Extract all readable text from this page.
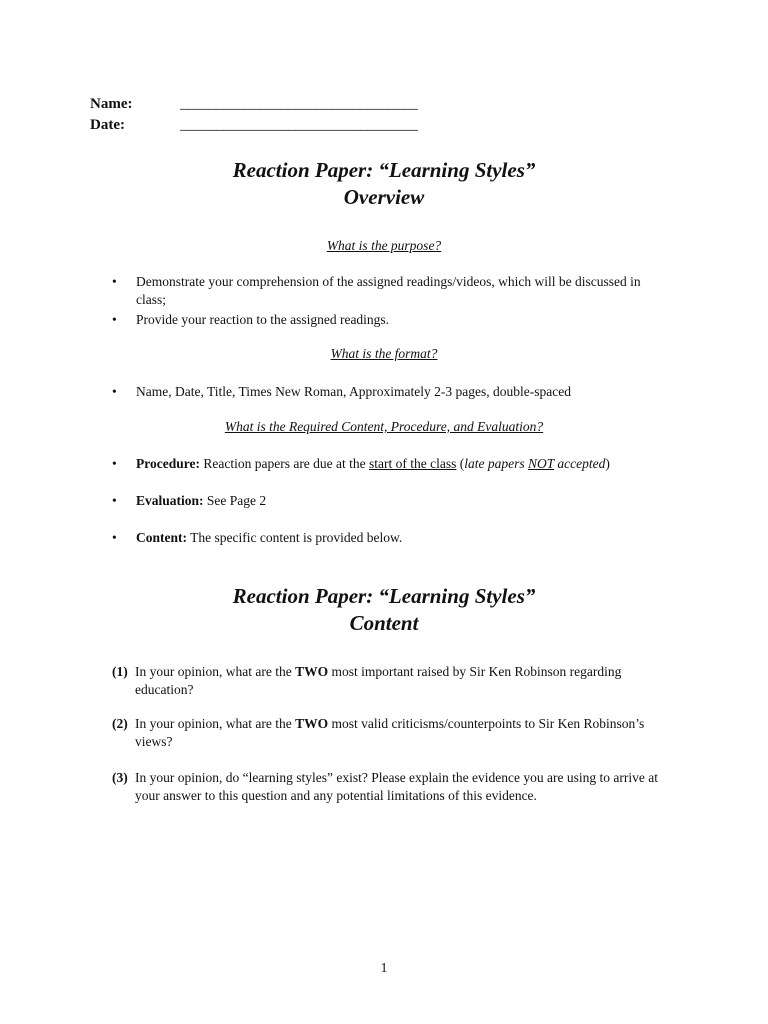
Name:	_________________________________
Date:	_________________________________
Reaction Paper: “Learning Styles”
Overview
What is the purpose?
• Demonstrate your comprehension of the assigned readings/videos, which will be discussed in class;
• Provide your reaction to the assigned readings.
What is the format?
• Name, Date, Title, Times New Roman, Approximately 2-3 pages, double-spaced
What is the Required Content, Procedure, and Evaluation?
• Procedure: Reaction papers are due at the start of the class (late papers NOT accepted)
• Evaluation: See Page 2
• Content: The specific content is provided below.
Reaction Paper: “Learning Styles”
Content
(1) In your opinion, what are the TWO most important raised by Sir Ken Robinson regarding education?
(2) In your opinion, what are the TWO most valid criticisms/counterpoints to Sir Ken Robinson’s views?
(3) In your opinion, do “learning styles” exist? Please explain the evidence you are using to arrive at your answer to this question and any potential limitations of this evidence.
1
